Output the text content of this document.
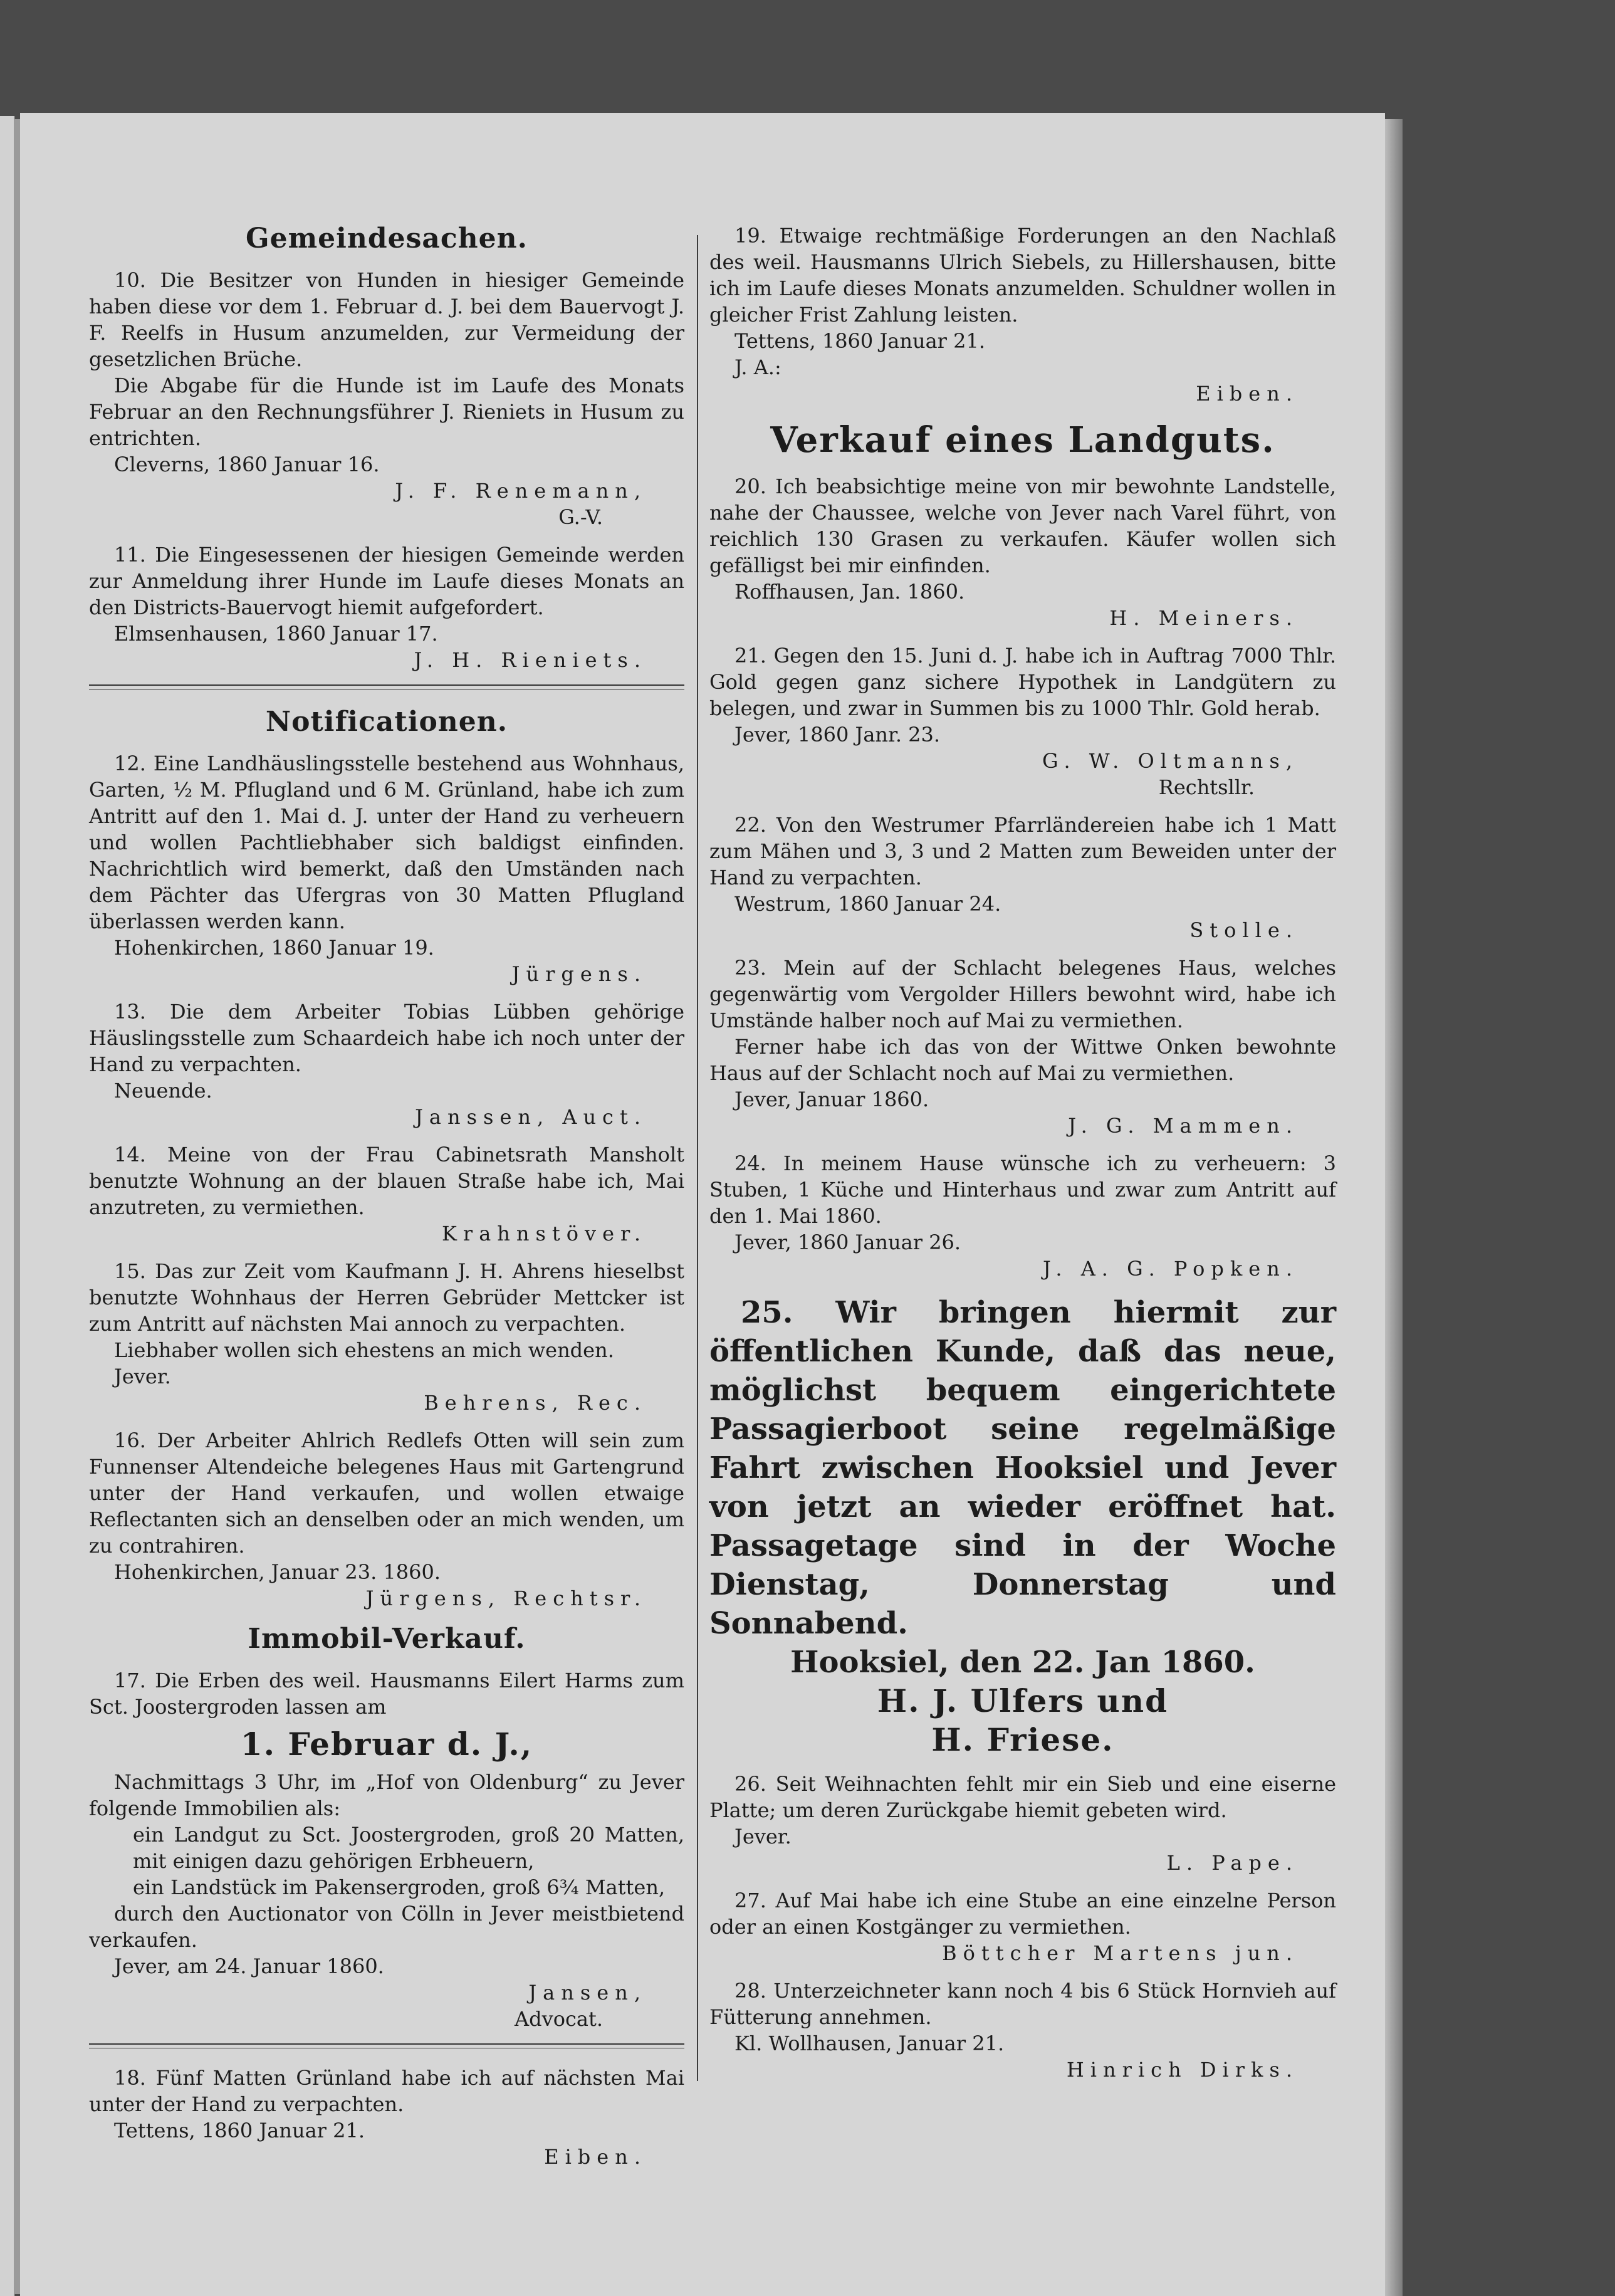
Gemeindesachen.

10. Die Besitzer von Hunden in hiesiger Gemeinde haben diese vor dem 1. Februar d. J. bei dem Bauervogt J. F. Reelfs in Husum anzumelden, zur Vermeidung der gesetzlichen Brüche.

Die Abgabe für die Hunde ist im Laufe des Monats Februar an den Rechnungsführer J. Rieniets in Husum zu entrichten.

Cleverns, 1860 Januar 16.

J. F. Renemann,

G.-V.

11. Die Eingesessenen der hiesigen Gemeinde werden zur Anmeldung ihrer Hunde im Laufe dieses Monats an den Districts-Bauervogt hiemit aufgefordert.

Elmsenhausen, 1860 Januar 17.

J. H. Rieniets.

Notificationen.

12. Eine Landhäuslingsstelle bestehend aus Wohnhaus, Garten, ½ M. Pflugland und 6 M. Grünland, habe ich zum Antritt auf den 1. Mai d. J. unter der Hand zu verheuern und wollen Pachtliebhaber sich baldigst einfinden. Nachrichtlich wird bemerkt, daß den Umständen nach dem Pächter das Ufergras von 30 Matten Pflugland überlassen werden kann.

Hohenkirchen, 1860 Januar 19.

Jürgens.

13. Die dem Arbeiter Tobias Lübben gehörige Häuslingsstelle zum Schaardeich habe ich noch unter der Hand zu verpachten.

Neuende.

Janssen, Auct.

14. Meine von der Frau Cabinetsrath Mansholt benutzte Wohnung an der blauen Straße habe ich, Mai anzutreten, zu vermiethen.

Krahnstöver.

15. Das zur Zeit vom Kaufmann J. H. Ahrens hieselbst benutzte Wohnhaus der Herren Gebrüder Mettcker ist zum Antritt auf nächsten Mai annoch zu verpachten.

Liebhaber wollen sich ehestens an mich wenden.

Jever.

Behrens, Rec.

16. Der Arbeiter Ahlrich Redlefs Otten will sein zum Funnenser Altendeiche belegenes Haus mit Gartengrund unter der Hand verkaufen, und wollen etwaige Reflectanten sich an denselben oder an mich wenden, um zu contrahiren.

Hohenkirchen, Januar 23. 1860.

Jürgens, Rechtsr.

Immobil-Verkauf.

17. Die Erben des weil. Hausmanns Eilert Harms zum Sct. Joostergroden lassen am

1. Februar d. J.,

Nachmittags 3 Uhr, im „Hof von Oldenburg“ zu Jever folgende Immobilien als:

ein Landgut zu Sct. Joostergroden, groß 20 Matten, mit einigen dazu gehörigen Erbheuern,

ein Landstück im Pakensergroden, groß 6¾ Matten,

durch den Auctionator von Cölln in Jever meistbietend verkaufen.

Jever, am 24. Januar 1860.

Jansen,

Advocat.

18. Fünf Matten Grünland habe ich auf nächsten Mai unter der Hand zu verpachten.

Tettens, 1860 Januar 21.

Eiben.

19. Etwaige rechtmäßige Forderungen an den Nachlaß des weil. Hausmanns Ulrich Siebels, zu Hillershausen, bitte ich im Laufe dieses Monats anzumelden. Schuldner wollen in gleicher Frist Zahlung leisten.

Tettens, 1860 Januar 21.

J. A.:

Eiben.

Verkauf eines Landguts.

20. Ich beabsichtige meine von mir bewohnte Landstelle, nahe der Chaussee, welche von Jever nach Varel führt, von reichlich 130 Grasen zu verkaufen. Käufer wollen sich gefälligst bei mir einfinden.

Roffhausen, Jan. 1860.

H. Meiners.

21. Gegen den 15. Juni d. J. habe ich in Auftrag 7000 Thlr. Gold gegen ganz sichere Hypothek in Landgütern zu belegen, und zwar in Summen bis zu 1000 Thlr. Gold herab.

Jever, 1860 Janr. 23.

G. W. Oltmanns,

Rechtsllr.

22. Von den Westrumer Pfarrländereien habe ich 1 Matt zum Mähen und 3, 3 und 2 Matten zum Beweiden unter der Hand zu verpachten.

Westrum, 1860 Januar 24.

Stolle.

23. Mein auf der Schlacht belegenes Haus, welches gegenwärtig vom Vergolder Hillers bewohnt wird, habe ich Umstände halber noch auf Mai zu vermiethen.

Ferner habe ich das von der Wittwe Onken bewohnte Haus auf der Schlacht noch auf Mai zu vermiethen.

Jever, Januar 1860.

J. G. Mammen.

24. In meinem Hause wünsche ich zu verheuern: 3 Stuben, 1 Küche und Hinterhaus und zwar zum Antritt auf den 1. Mai 1860.

Jever, 1860 Januar 26.

J. A. G. Popken.

25. Wir bringen hiermit zur öffentlichen Kunde, daß das neue, möglichst bequem eingerichtete Passagierboot seine regelmäßige Fahrt zwischen Hooksiel und Jever von jetzt an wieder eröffnet hat. Passagetage sind in der Woche Dienstag, Donnerstag und Sonnabend.

Hooksiel, den 22. Jan 1860.

H. J. Ulfers und

H. Friese.

26. Seit Weihnachten fehlt mir ein Sieb und eine eiserne Platte; um deren Zurückgabe hiemit gebeten wird.

Jever.

L. Pape.

27. Auf Mai habe ich eine Stube an eine einzelne Person oder an einen Kostgänger zu vermiethen.

Böttcher Martens jun.

28. Unterzeichneter kann noch 4 bis 6 Stück Hornvieh auf Fütterung annehmen.

Kl. Wollhausen, Januar 21.

Hinrich Dirks.
